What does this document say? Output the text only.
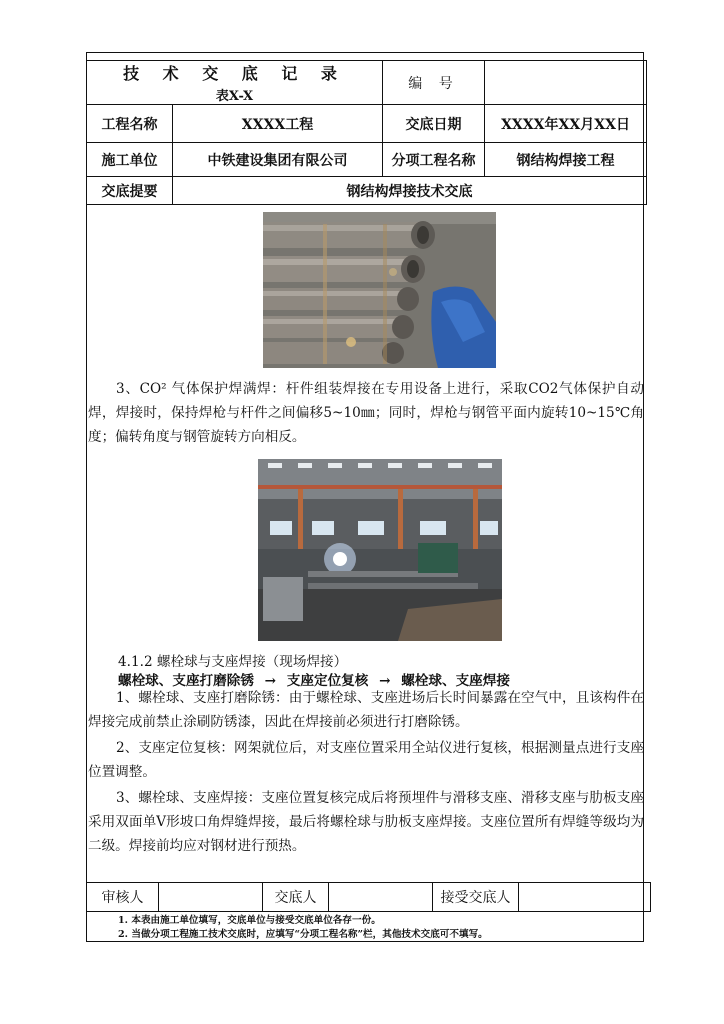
技 术 交 底 记 录
表X-X		编 号	
工程名称	XXXX工程	交底日期	XXXX年XX月XX日
施工单位	中铁建设集团有限公司	分项工程名称	钢结构焊接工程
交底提要	钢结构焊接技术交底		

3、CO² 气体保护焊满焊：杆件组装焊接在专用设备上进行，采取CO2气体保护自动焊，焊接时，保持焊枪与杆件之间偏移5~10㎜；同时，焊枪与钢管平面内旋转10~15℃角度；偏转角度与钢管旋转方向相反。

4.1.2 螺栓球与支座焊接（现场焊接）
螺栓球、支座打磨除锈 → 支座定位复核 → 螺栓球、支座焊接

1、螺栓球、支座打磨除锈：由于螺栓球、支座进场后长时间暴露在空气中，且该构件在焊接完成前禁止涂刷防锈漆，因此在焊接前必须进行打磨除锈。

2、支座定位复核：网架就位后，对支座位置采用全站仪进行复核，根据测量点进行支座位置调整。

3、螺栓球、支座焊接：支座位置复核完成后将预埋件与滑移支座、滑移支座与肋板支座采用双面单V形坡口角焊缝焊接，最后将螺栓球与肋板支座焊接。支座位置所有焊缝等级均为二级。焊接前均应对钢材进行预热。

审核人		交底人		接受交底人	
1. 本表由施工单位填写，交底单位与接受交底单位各存一份。
2. 当做分项工程施工技术交底时，应填写“分项工程名称”栏，其他技术交底可不填写。
